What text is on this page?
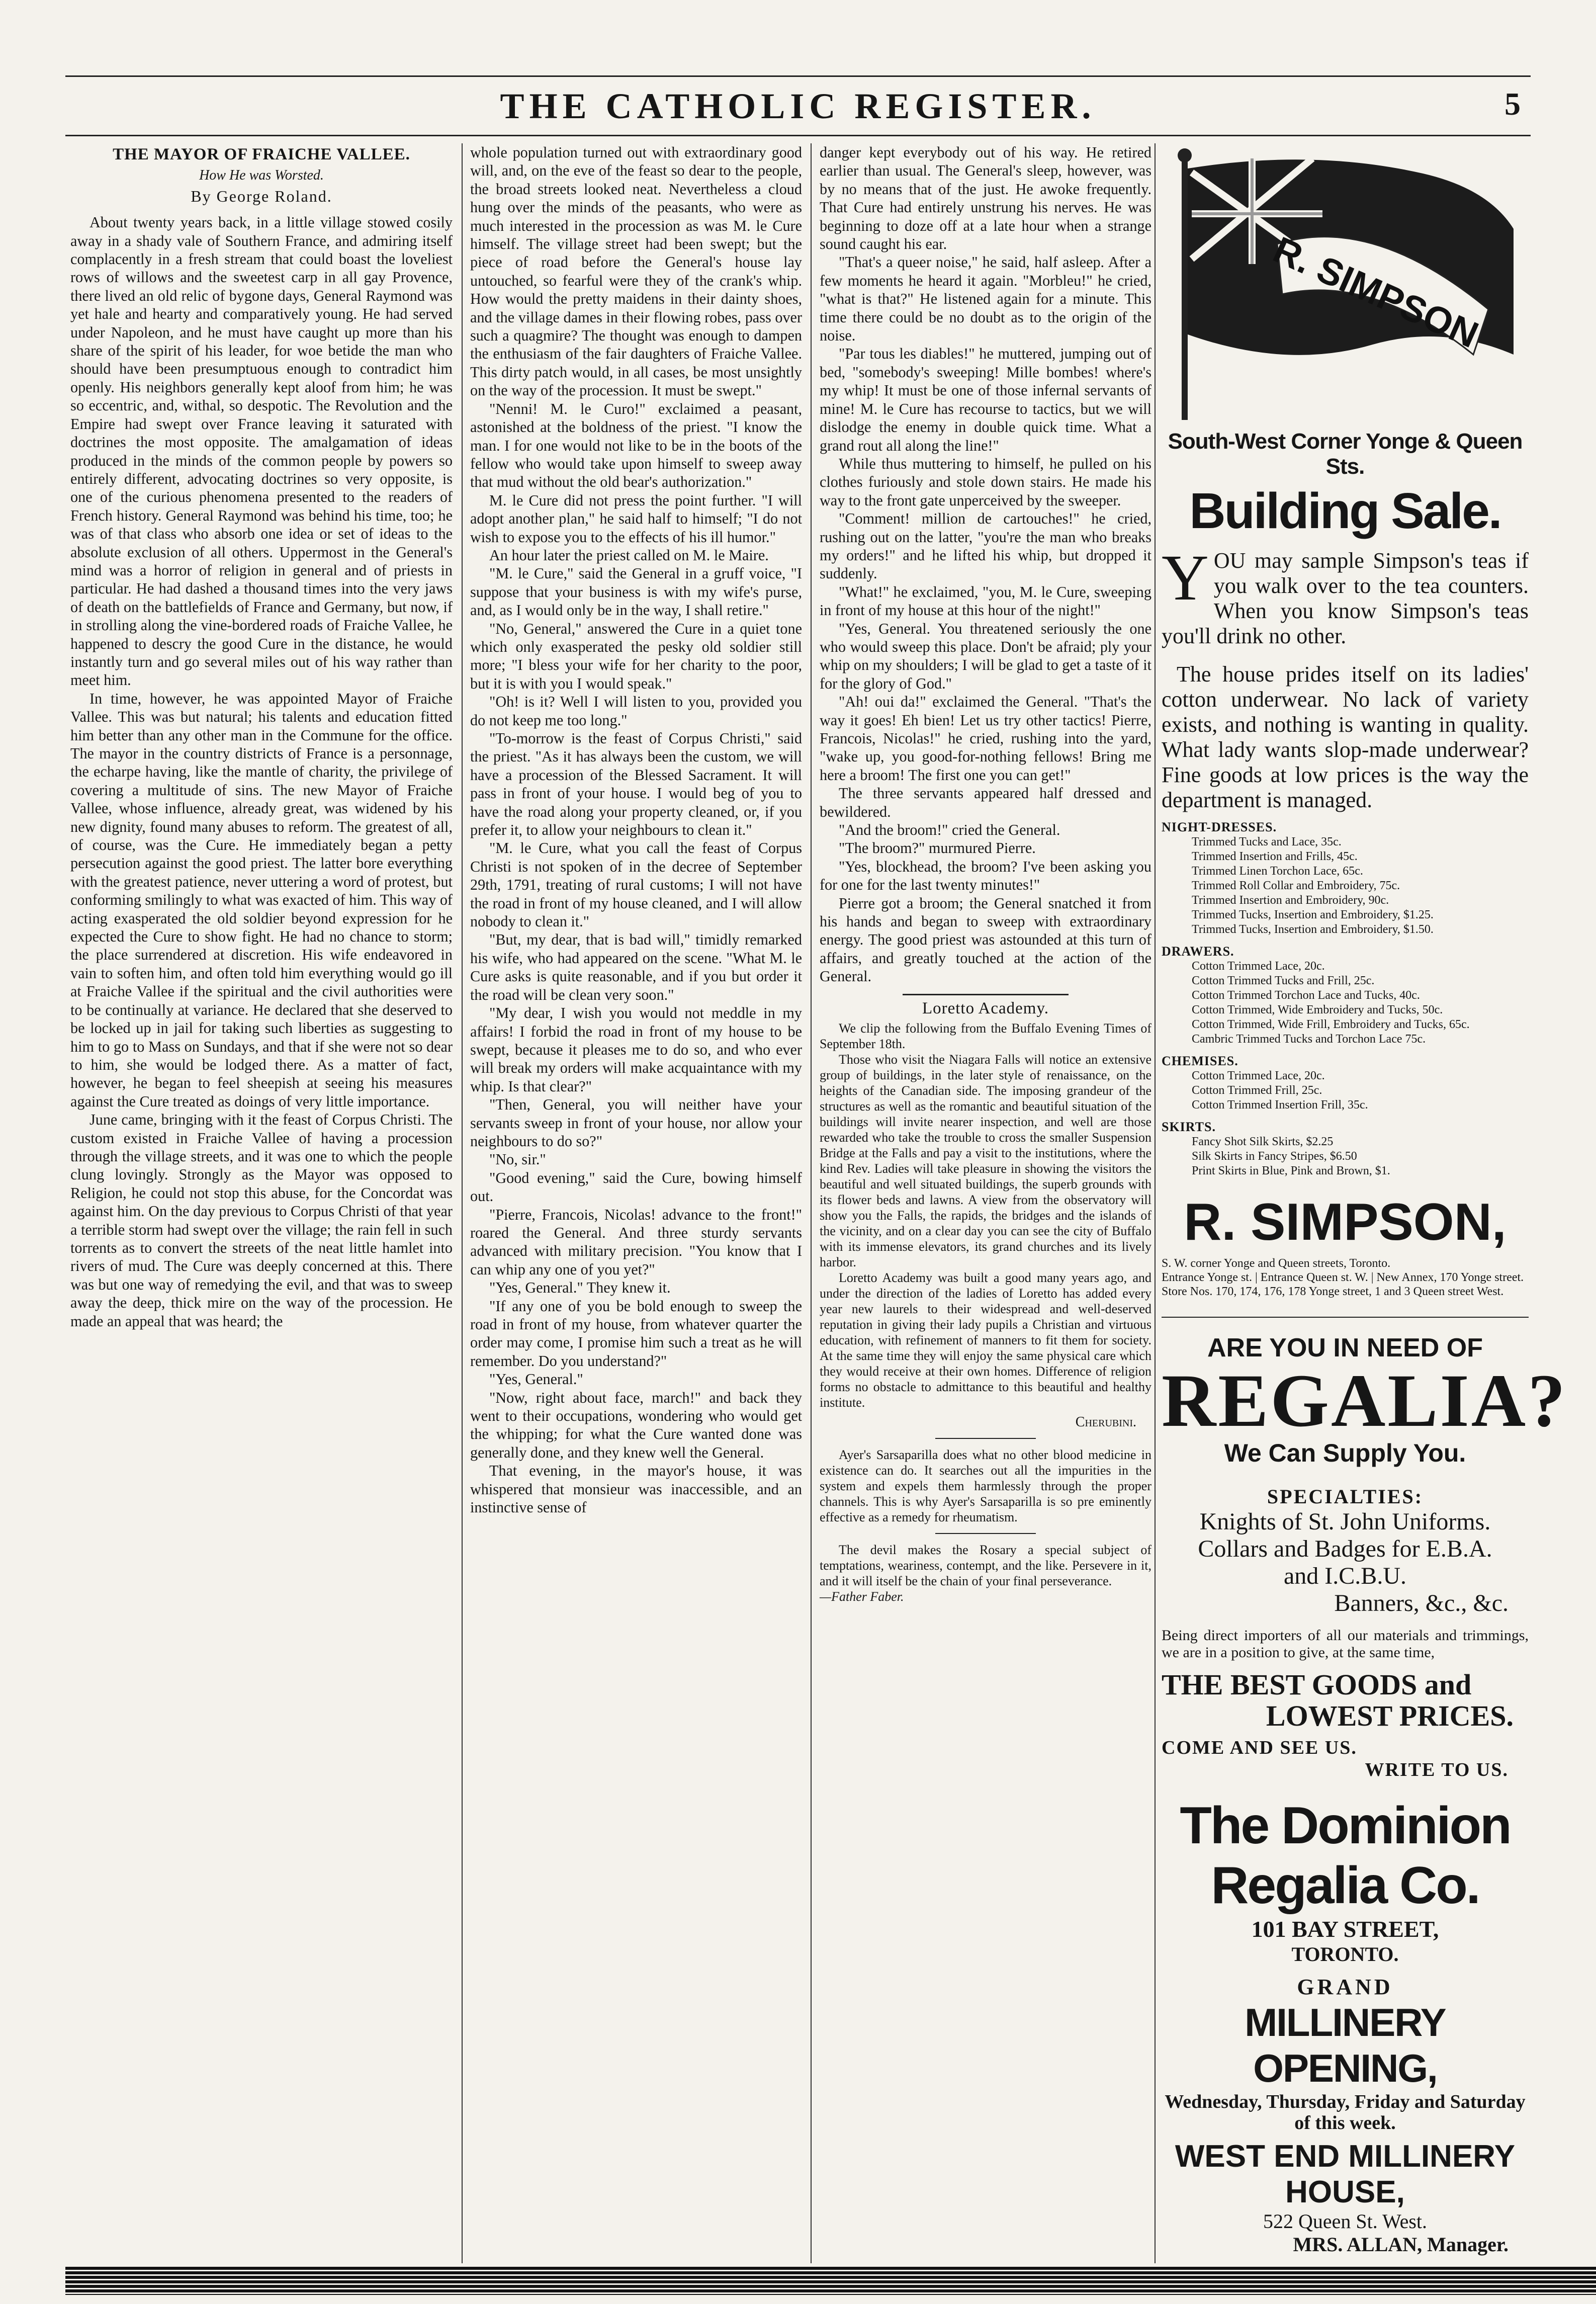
THE CATHOLIC REGISTER.	5
THE MAYOR OF FRAICHE VALLEE.
How He was Worsted.
By George Roland.

About twenty years back, in a little village stowed cosily away in a shady vale of Southern France, and admiring itself complacently in a fresh stream that could boast the loveliest rows of willows and the sweetest carp in all gay Provence, there lived an old relic of bygone days, General Raymond was yet hale and hearty and comparatively young. He had served under Napoleon, and he must have caught up more than his share of the spirit of his leader, for woe betide the man who should have been presumptuous enough to contradict him openly. His neighbors generally kept aloof from him; he was so eccentric, and, withal, so despotic. The Revolution and the Empire had swept over France leaving it saturated with doctrines the most opposite. The amalgamation of ideas produced in the minds of the common people by powers so entirely different, advocating doctrines so very opposite, is one of the curious phenomena presented to the readers of French history. General Raymond was behind his time, too; he was of that class who absorb one idea or set of ideas to the absolute exclusion of all others. Uppermost in the General's mind was a horror of religion in general and of priests in particular. He had dashed a thousand times into the very jaws of death on the battlefields of France and Germany, but now, if in strolling along the vine-bordered roads of Fraiche Vallee, he happened to descry the good Cure in the distance, he would instantly turn and go several miles out of his way rather than meet him.

In time, however, he was appointed Mayor of Fraiche Vallee. This was but natural; his talents and education fitted him better than any other man in the Commune for the office. The mayor in the country districts of France is a personnage, the echarpe having, like the mantle of charity, the privilege of covering a multitude of sins. The new Mayor of Fraiche Vallee, whose influence, already great, was widened by his new dignity, found many abuses to reform. The greatest of all, of course, was the Cure. He immediately began a petty persecution against the good priest. The latter bore everything with the greatest patience, never uttering a word of protest, but conforming smilingly to what was exacted of him. This way of acting exasperated the old soldier beyond expression for he expected the Cure to show fight. He had no chance to storm; the place surrendered at discretion. His wife endeavored in vain to soften him, and often told him everything would go ill at Fraiche Vallee if the spiritual and the civil authorities were to be continually at variance. He declared that she deserved to be locked up in jail for taking such liberties as suggesting to him to go to Mass on Sundays, and that if she were not so dear to him, she would be lodged there. As a matter of fact, however, he began to feel sheepish at seeing his measures against the Cure treated as doings of very little importance.

June came, bringing with it the feast of Corpus Christi. The custom existed in Fraiche Vallee of having a procession through the village streets, and it was one to which the people clung lovingly. Strongly as the Mayor was opposed to Religion, he could not stop this abuse, for the Concordat was against him. On the day previous to Corpus Christi of that year a terrible storm had swept over the village; the rain fell in such torrents as to convert the streets of the neat little hamlet into rivers of mud. The Cure was deeply concerned at this. There was but one way of remedying the evil, and that was to sweep away the deep, thick mire on the way of the procession. He made an appeal that was heard; the

whole population turned out with extraordinary good will, and, on the eve of the feast so dear to the people, the broad streets looked neat. Nevertheless a cloud hung over the minds of the peasants, who were as much interested in the procession as was M. le Cure himself. The village street had been swept; but the piece of road before the General's house lay untouched, so fearful were they of the crank's whip. How would the pretty maidens in their dainty shoes, and the village dames in their flowing robes, pass over such a quagmire? The thought was enough to dampen the enthusiasm of the fair daughters of Fraiche Vallee. This dirty patch would, in all cases, be most unsightly on the way of the procession. It must be swept."

"Nenni! M. le Curo!" exclaimed a peasant, astonished at the boldness of the priest. "I know the man. I for one would not like to be in the boots of the fellow who would take upon himself to sweep away that mud without the old bear's authorization."

M. le Cure did not press the point further. "I will adopt another plan," he said half to himself; "I do not wish to expose you to the effects of his ill humor."

An hour later the priest called on M. le Maire.

"M. le Cure," said the General in a gruff voice, "I suppose that your business is with my wife's purse, and, as I would only be in the way, I shall retire."

"No, General," answered the Cure in a quiet tone which only exasperated the pesky old soldier still more; "I bless your wife for her charity to the poor, but it is with you I would speak."

"Oh! is it? Well I will listen to you, provided you do not keep me too long."

"To-morrow is the feast of Corpus Christi," said the priest. "As it has always been the custom, we will have a procession of the Blessed Sacrament. It will pass in front of your house. I would beg of you to have the road along your property cleaned, or, if you prefer it, to allow your neighbours to clean it."

"M. le Cure, what you call the feast of Corpus Christi is not spoken of in the decree of September 29th, 1791, treating of rural customs; I will not have the road in front of my house cleaned, and I will allow nobody to clean it."

"But, my dear, that is bad will," timidly remarked his wife, who had appeared on the scene. "What M. le Cure asks is quite reasonable, and if you but order it the road will be clean very soon."

"My dear, I wish you would not meddle in my affairs! I forbid the road in front of my house to be swept, because it pleases me to do so, and who ever will break my orders will make acquaintance with my whip. Is that clear?"

"Then, General, you will neither have your servants sweep in front of your house, nor allow your neighbours to do so?"

"No, sir."

"Good evening," said the Cure, bowing himself out.

"Pierre, Francois, Nicolas! advance to the front!" roared the General. And three sturdy servants advanced with military precision. "You know that I can whip any one of you yet?"

"Yes, General." They knew it.

"If any one of you be bold enough to sweep the road in front of my house, from whatever quarter the order may come, I promise him such a treat as he will remember. Do you understand?"

"Yes, General."

"Now, right about face, march!" and back they went to their occupations, wondering who would get the whipping; for what the Cure wanted done was generally done, and they knew well the General.

That evening, in the mayor's house, it was whispered that monsieur was inaccessible, and an instinctive sense of

danger kept everybody out of his way. He retired earlier than usual. The General's sleep, however, was by no means that of the just. He awoke frequently. That Cure had entirely unstrung his nerves. He was beginning to doze off at a late hour when a strange sound caught his ear.

"That's a queer noise," he said, half asleep. After a few moments he heard it again. "Morbleu!" he cried, "what is that?" He listened again for a minute. This time there could be no doubt as to the origin of the noise.

"Par tous les diables!" he muttered, jumping out of bed, "somebody's sweeping! Mille bombes! where's my whip! It must be one of those infernal servants of mine! M. le Cure has recourse to tactics, but we will dislodge the enemy in double quick time. What a grand rout all along the line!"

While thus muttering to himself, he pulled on his clothes furiously and stole down stairs. He made his way to the front gate unperceived by the sweeper.

"Comment! million de cartouches!" he cried, rushing out on the latter, "you're the man who breaks my orders!" and he lifted his whip, but dropped it suddenly.

"What!" he exclaimed, "you, M. le Cure, sweeping in front of my house at this hour of the night!"

"Yes, General. You threatened seriously the one who would sweep this place. Don't be afraid; ply your whip on my shoulders; I will be glad to get a taste of it for the glory of God."

"Ah! oui da!" exclaimed the General. "That's the way it goes! Eh bien! Let us try other tactics! Pierre, Francois, Nicolas!" he cried, rushing into the yard, "wake up, you good-for-nothing fellows! Bring me here a broom! The first one you can get!"

The three servants appeared half dressed and bewildered.

"And the broom!" cried the General.

"The broom?" murmured Pierre.

"Yes, blockhead, the broom? I've been asking you for one for the last twenty minutes!"

Pierre got a broom; the General snatched it from his hands and began to sweep with extraordinary energy. The good priest was astounded at this turn of affairs, and greatly touched at the action of the General.

Loretto Academy.

We clip the following from the Buffalo Evening Times of September 18th.

Those who visit the Niagara Falls will notice an extensive group of buildings, in the later style of renaissance, on the heights of the Canadian side. The imposing grandeur of the structures as well as the romantic and beautiful situation of the buildings will invite nearer inspection, and well are those rewarded who take the trouble to cross the smaller Suspension Bridge at the Falls and pay a visit to the institutions, where the kind Rev. Ladies will take pleasure in showing the visitors the beautiful and well situated buildings, the superb grounds with its flower beds and lawns. A view from the observatory will show you the Falls, the rapids, the bridges and the islands of the vicinity, and on a clear day you can see the city of Buffalo with its immense elevators, its grand churches and its lively harbor.

Loretto Academy was built a good many years ago, and under the direction of the ladies of Loretto has added every year new laurels to their widespread and well-deserved reputation in giving their lady pupils a Christian and virtuous education, with refinement of manners to fit them for society. At the same time they will enjoy the same physical care which they would receive at their own homes. Difference of religion forms no obstacle to admittance to this beautiful and healthy institute.

Cherubini.

Ayer's Sarsaparilla does what no other blood medicine in existence can do. It searches out all the impurities in the system and expels them harmlessly through the proper channels. This is why Ayer's Sarsaparilla is so pre eminently effective as a remedy for rheumatism.

The devil makes the Rosary a special subject of temptations, weariness, contempt, and the like. Persevere in it, and it will itself be the chain of your final perseverance.

—Father Faber.
R. SIMPSON
South-West Corner Yonge & Queen Sts.
Building Sale.
YOU may sample Simpson's teas if you walk over to the tea counters. When you know Simpson's teas you'll drink no other.
The house prides itself on its ladies' cotton underwear. No lack of variety exists, and nothing is wanting in quality. What lady wants slop-made underwear? Fine goods at low prices is the way the department is managed.
NIGHT-DRESSES.
Trimmed Tucks and Lace, 35c.
Trimmed Insertion and Frills, 45c.
Trimmed Linen Torchon Lace, 65c.
Trimmed Roll Collar and Embroidery, 75c.
Trimmed Insertion and Embroidery, 90c.
Trimmed Tucks, Insertion and Embroidery, $1.25.
Trimmed Tucks, Insertion and Embroidery, $1.50.
DRAWERS.
Cotton Trimmed Lace, 20c.
Cotton Trimmed Tucks and Frill, 25c.
Cotton Trimmed Torchon Lace and Tucks, 40c.
Cotton Trimmed, Wide Embroidery and Tucks, 50c.
Cotton Trimmed, Wide Frill, Embroidery and Tucks, 65c.
Cambric Trimmed Tucks and Torchon Lace 75c.
CHEMISES.
Cotton Trimmed Lace, 20c.
Cotton Trimmed Frill, 25c.
Cotton Trimmed Insertion Frill, 35c.
SKIRTS.
Fancy Shot Silk Skirts, $2.25
Silk Skirts in Fancy Stripes, $6.50
Print Skirts in Blue, Pink and Brown, $1.
R. SIMPSON,
S. W. corner Yonge and Queen streets, Toronto.
Entrance Yonge st. | Entrance Queen st. W. | New Annex, 170 Yonge street.
Store Nos. 170, 174, 176, 178 Yonge street, 1 and 3 Queen street West.
ARE YOU IN NEED OF
REGALIA?
We Can Supply You.
SPECIALTIES:
Knights of St. John Uniforms.
Collars and Badges for E.B.A.
and I.C.B.U.
Banners, &c., &c.
Being direct importers of all our materials and trimmings, we are in a position to give, at the same time,
THE BEST GOODS and
LOWEST PRICES.
COME AND SEE US.
WRITE TO US.
The Dominion Regalia Co.
101 BAY STREET,
TORONTO.
GRAND
MILLINERY OPENING,
Wednesday, Thursday, Friday and Saturday of this week.
WEST END MILLINERY HOUSE,
522 Queen St. West.
MRS. ALLAN, Manager.
